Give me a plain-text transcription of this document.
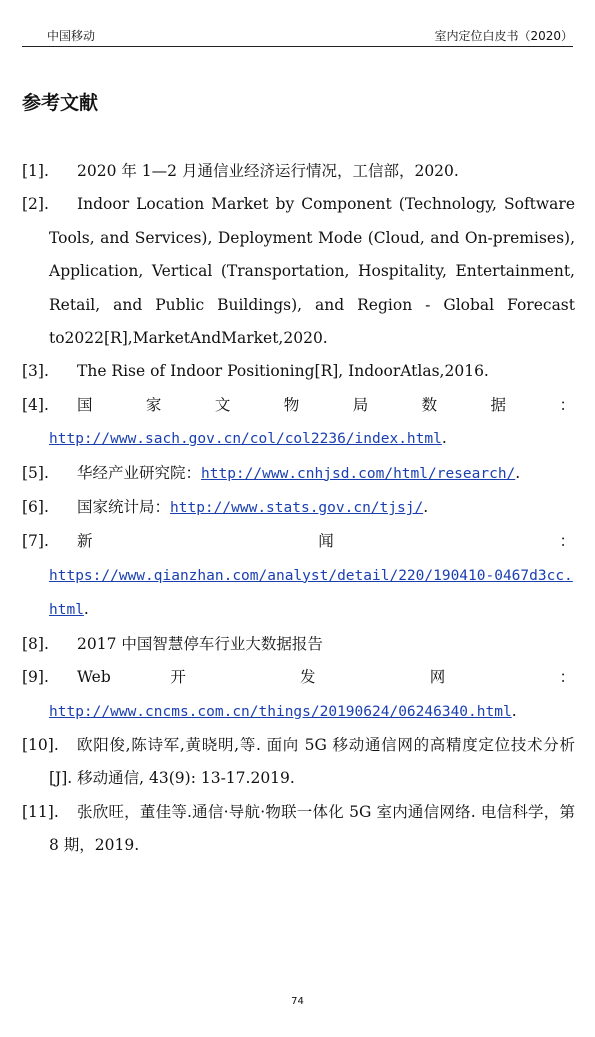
中国移动	室内定位白皮书（2020）
参考文献
[1]. 2020 年 1—2 月通信业经济运行情况，工信部，2020.
[2]. Indoor Location Market by Component (Technology, Software Tools, and Services), Deployment Mode (Cloud, and On-premises), Application, Vertical (Transportation, Hospitality, Entertainment, Retail, and Public Buildings), and Region - Global Forecast to2022[R],MarketAndMarket,2020.
[3]. The Rise of Indoor Positioning[R], IndoorAtlas,2016.
[4].	国 家 文 物 局 数 据 ：
http://www.sach.gov.cn/col/col2236/index.html.
[5]. 华经产业研究院：http://www.cnhjsd.com/html/research/.
[6]. 国家统计局：http://www.stats.gov.cn/tjsj/.
[7].	新 闻 ：
https://www.qianzhan.com/analyst/detail/220/190410-0467d3cc.html.
[8]. 2017 中国智慧停车行业大数据报告
[9].	Web 开 发 网 ：
http://www.cncms.com.cn/things/20190624/06246340.html.
[10]. 欧阳俊,陈诗军,黄晓明,等. 面向 5G 移动通信网的高精度定位技术分析[J]. 移动通信, 43(9): 13-17.2019.
[11]. 张欣旺，董佳等.通信·导航·物联一体化 5G 室内通信网络. 电信科学，第 8 期，2019.
74
